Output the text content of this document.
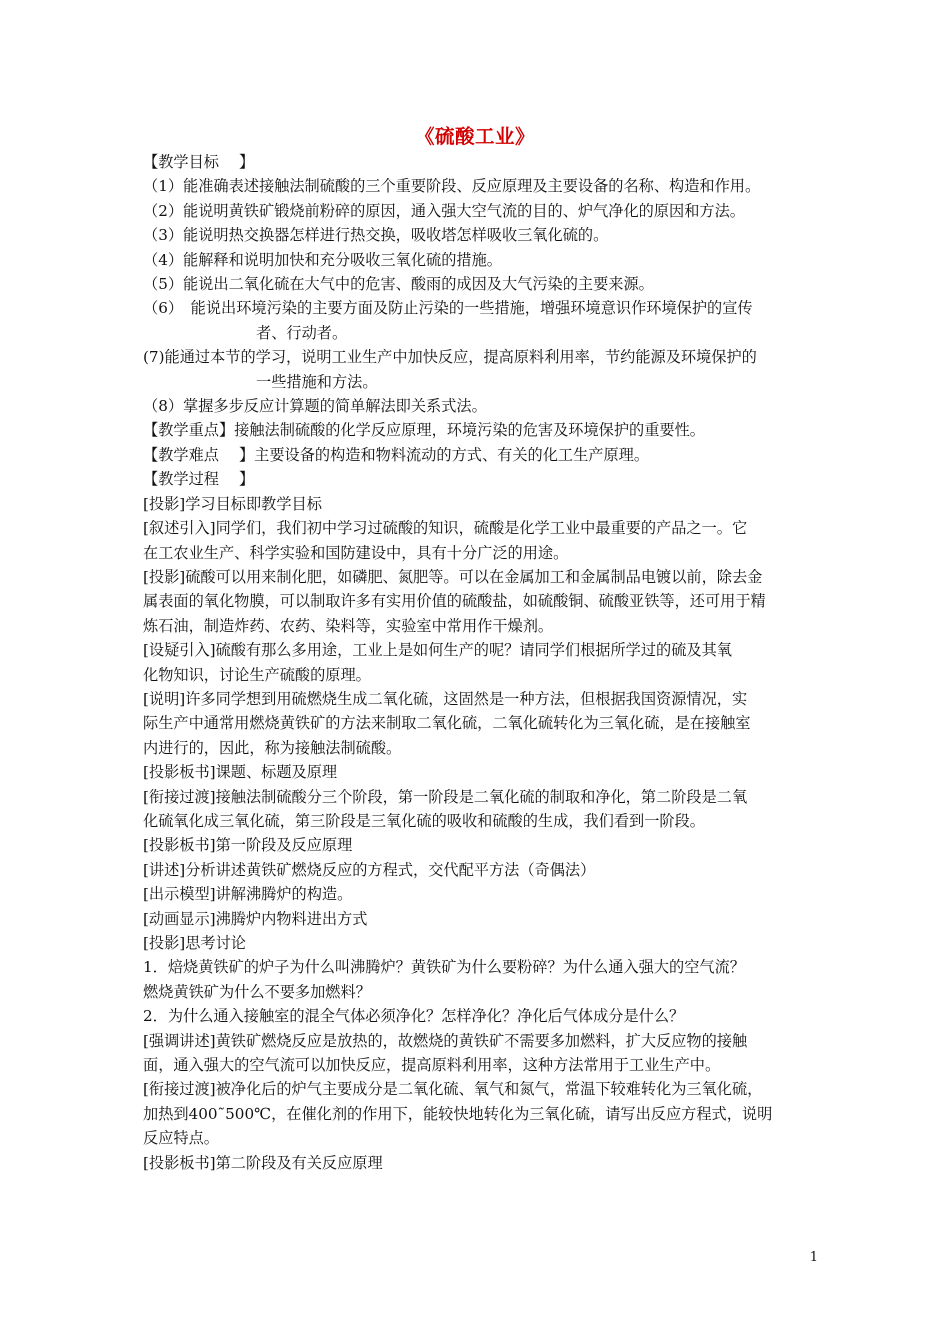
《硫酸工业》
【教学目标 　】
（1）能准确表述接触法制硫酸的三个重要阶段、反应原理及主要设备的名称、构造和作用。
（2）能说明黄铁矿锻烧前粉碎的原因，通入强大空气流的目的、炉气净化的原因和方法。
（3）能说明热交换器怎样进行热交换，吸收塔怎样吸收三氧化硫的。
（4）能解释和说明加快和充分吸收三氧化硫的措施。
（5）能说出二氧化硫在大气中的危害、酸雨的成因及大气污染的主要来源。
（6）　能说出环境污染的主要方面及防止污染的一些措施，增强环境意识作环境保护的宣传
者、行动者。
(7)能通过本节的学习，说明工业生产中加快反应，提高原料利用率，节约能源及环境保护的
一些措施和方法。
（8）掌握多步反应计算题的简单解法即关系式法。
【教学重点】接触法制硫酸的化学反应原理，环境污染的危害及环境保护的重要性。
【教学难点 　】主要设备的构造和物料流动的方式、有关的化工生产原理。
【教学过程 　】
[投影]学习目标即教学目标
[叙述引入]同学们，我们初中学习过硫酸的知识，硫酸是化学工业中最重要的产品之一。它
在工农业生产、科学实验和国防建设中，具有十分广泛的用途。
[投影]硫酸可以用来制化肥，如磷肥、氮肥等。可以在金属加工和金属制品电镀以前，除去金
属表面的氧化物膜，可以制取许多有实用价值的硫酸盐，如硫酸铜、硫酸亚铁等，还可用于精
炼石油，制造炸药、农药、染料等，实验室中常用作干燥剂。
[设疑引入]硫酸有那么多用途，工业上是如何生产的呢？请同学们根据所学过的硫及其氧
化物知识，讨论生产硫酸的原理。
[说明]许多同学想到用硫燃烧生成二氧化硫，这固然是一种方法，但根据我国资源情况，实
际生产中通常用燃烧黄铁矿的方法来制取二氧化硫，二氧化硫转化为三氧化硫，是在接触室
内进行的，因此，称为接触法制硫酸。
[投影板书]课题、标题及原理
[衔接过渡]接触法制硫酸分三个阶段，第一阶段是二氧化硫的制取和净化，第二阶段是二氧
化硫氧化成三氧化硫，第三阶段是三氧化硫的吸收和硫酸的生成，我们看到一阶段。
[投影板书]第一阶段及反应原理
[讲述]分析讲述黄铁矿燃烧反应的方程式，交代配平方法（奇偶法）
[出示模型]讲解沸腾炉的构造。
[动画显示]沸腾炉内物料进出方式
[投影]思考讨论
1．焙烧黄铁矿的炉子为什么叫沸腾炉？黄铁矿为什么要粉碎？为什么通入强大的空气流？
燃烧黄铁矿为什么不要多加燃料？
2．为什么通入接触室的混全气体必须净化？怎样净化？净化后气体成分是什么？
[强调讲述]黄铁矿燃烧反应是放热的，故燃烧的黄铁矿不需要多加燃料，扩大反应物的接触
面，通入强大的空气流可以加快反应，提高原料利用率，这种方法常用于工业生产中。
[衔接过渡]被净化后的炉气主要成分是二氧化硫、氧气和氮气，常温下较难转化为三氧化硫，
加热到400˜500℃，在催化剂的作用下，能较快地转化为三氧化硫，请写出反应方程式，说明
反应特点。
[投影板书]第二阶段及有关反应原理
1
